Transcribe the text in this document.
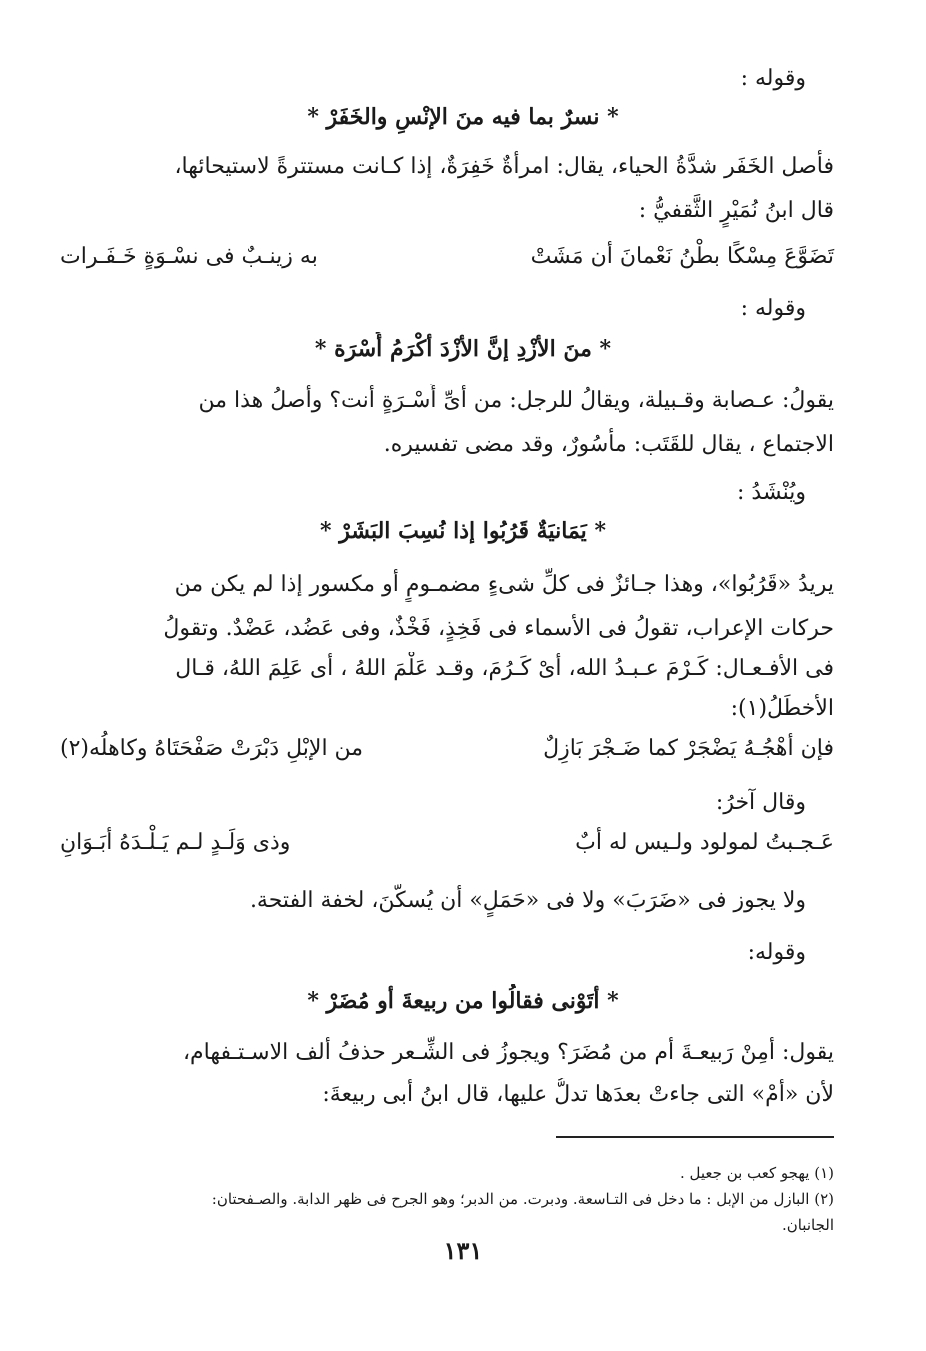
وقوله :

* نسرٌ بما فيه منَ الإنْسِ والخَفَرْ *

فأصل الخَفَر شدَّةُ الحياء، يقال: امرأةٌ خَفِرَةٌ، إذا كـانت مستترةً لاستيحائها،

قال ابنُ نُمَيْرٍ الثَّقفيُّ :

تَضَوَّعَ مِسْكًا بطْنُ نَعْمانَ أن مَشَتْ
به زينـبٌ فى نسْـوَةٍ خَـفَـرات

وقوله :

* منَ الأزْدِ إنَّ الأزْدَ أكْرَمُ أُسْرَة *

يقولُ: عـصابة وقـبيلة، ويقالُ للرجل: من أىِّ أُسْـرَةٍ أنت؟ وأصلُ هذا من

الاجتماع ، يقال للقَتَب: مأسُورٌ، وقد مضى تفسيره.

ويُنْشَدُ :

* يَمَانيَةٌ قَرُبُوا إذا نُسِبَ البَشَرْ *

يريدُ «قَرُبُوا»، وهذا جـائزٌ فى كلِّ شىءٍ مضمـومٍ أو مكسور إذا لم يكن من

حركات الإعراب، تقولُ فى الأسماء فى فَخِذٍ، فَخْذٌ، وفى عَضُد، عَضْدٌ. وتقولُ

فى الأفـعـال: كَـرْمَ عـبـدُ الله، أىْ كَـرُمَ، وقـد عَلْمَ اللهُ ، أى عَلِمَ اللهُ، قـال

الأخطَلُ(١):

فإن أهْجُـهُ يَضْجَرْ كما ضَـجْرَ بَازِلٌ
من الإبْلِ دَبْرَتْ صَفْحَتَاهُ وكاهلُه(٢)

وقال آخرُ:

عَـجـبتُ لمولود ولـيس له أبٌ
وذى وَلَـدٍ لـم يَـلْـدَهُ أبَـوَانِ

ولا يجوز فى «ضَرَبَ» ولا فى «حَمَلٍ» أن يُسكَّنَ، لخفة الفتحة.

وقوله:

* أتَوْنى فقالُوا من ربيعةَ أو مُضَرْ *

يقول: أمِنْ رَبيعـةَ أم من مُضَرَ؟ ويجوزُ فى الشِّـعر حذفُ ألف الاسـتـفهام،

لأن «أمْ» التى جاءتْ بعدَها تدلُّ عليها، قال ابنُ أبى ربيعةَ:

(١) يهجو كعب بن جعيل .

(٢) البازل من الإبل : ما دخل فى التـاسعة. ودبرت. من الدبر؛ وهو الجرح فى ظهر الدابة. والصـفحتان:

الجانبان.

١٣١
